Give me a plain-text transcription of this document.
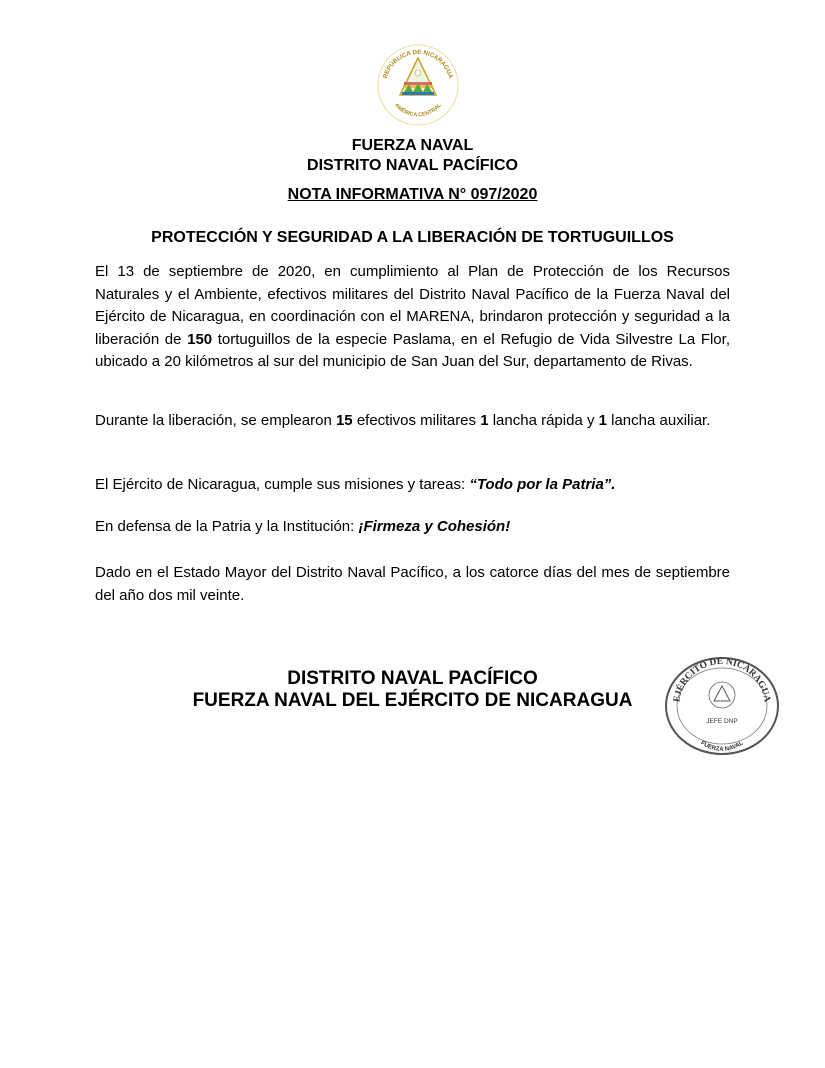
REPÚBLICA DE NICARAGUA
AMÉRICA CENTRAL
FUERZA NAVAL
DISTRITO NAVAL PACÍFICO
NOTA INFORMATIVA N° 097/2020
PROTECCIÓN Y SEGURIDAD A LA LIBERACIÓN DE TORTUGUILLOS

El 13 de septiembre de 2020, en cumplimiento al Plan de Protección de los Recursos Naturales y el Ambiente, efectivos militares del Distrito Naval Pacífico de la Fuerza Naval del Ejército de Nicaragua, en coordinación con el MARENA, brindaron protección y seguridad a la liberación de 150 tortuguillos de la especie Paslama, en el Refugio de Vida Silvestre La Flor, ubicado a 20 kilómetros al sur del municipio de San Juan del Sur, departamento de Rivas.

Durante la liberación, se emplearon 15 efectivos militares 1 lancha rápida y 1 lancha auxiliar.

El Ejército de Nicaragua, cumple sus misiones y tareas: “Todo por la Patria”.

En defensa de la Patria y la Institución: ¡Firmeza y Cohesión!

Dado en el Estado Mayor del Distrito Naval Pacífico, a los catorce días del mes de septiembre del año dos mil veinte.

DISTRITO NAVAL PACÍFICO
FUERZA NAVAL DEL EJÉRCITO DE NICARAGUA	EJÉRCITO DE NICARAGUA
FUERZA NAVAL
JEFE DNP
